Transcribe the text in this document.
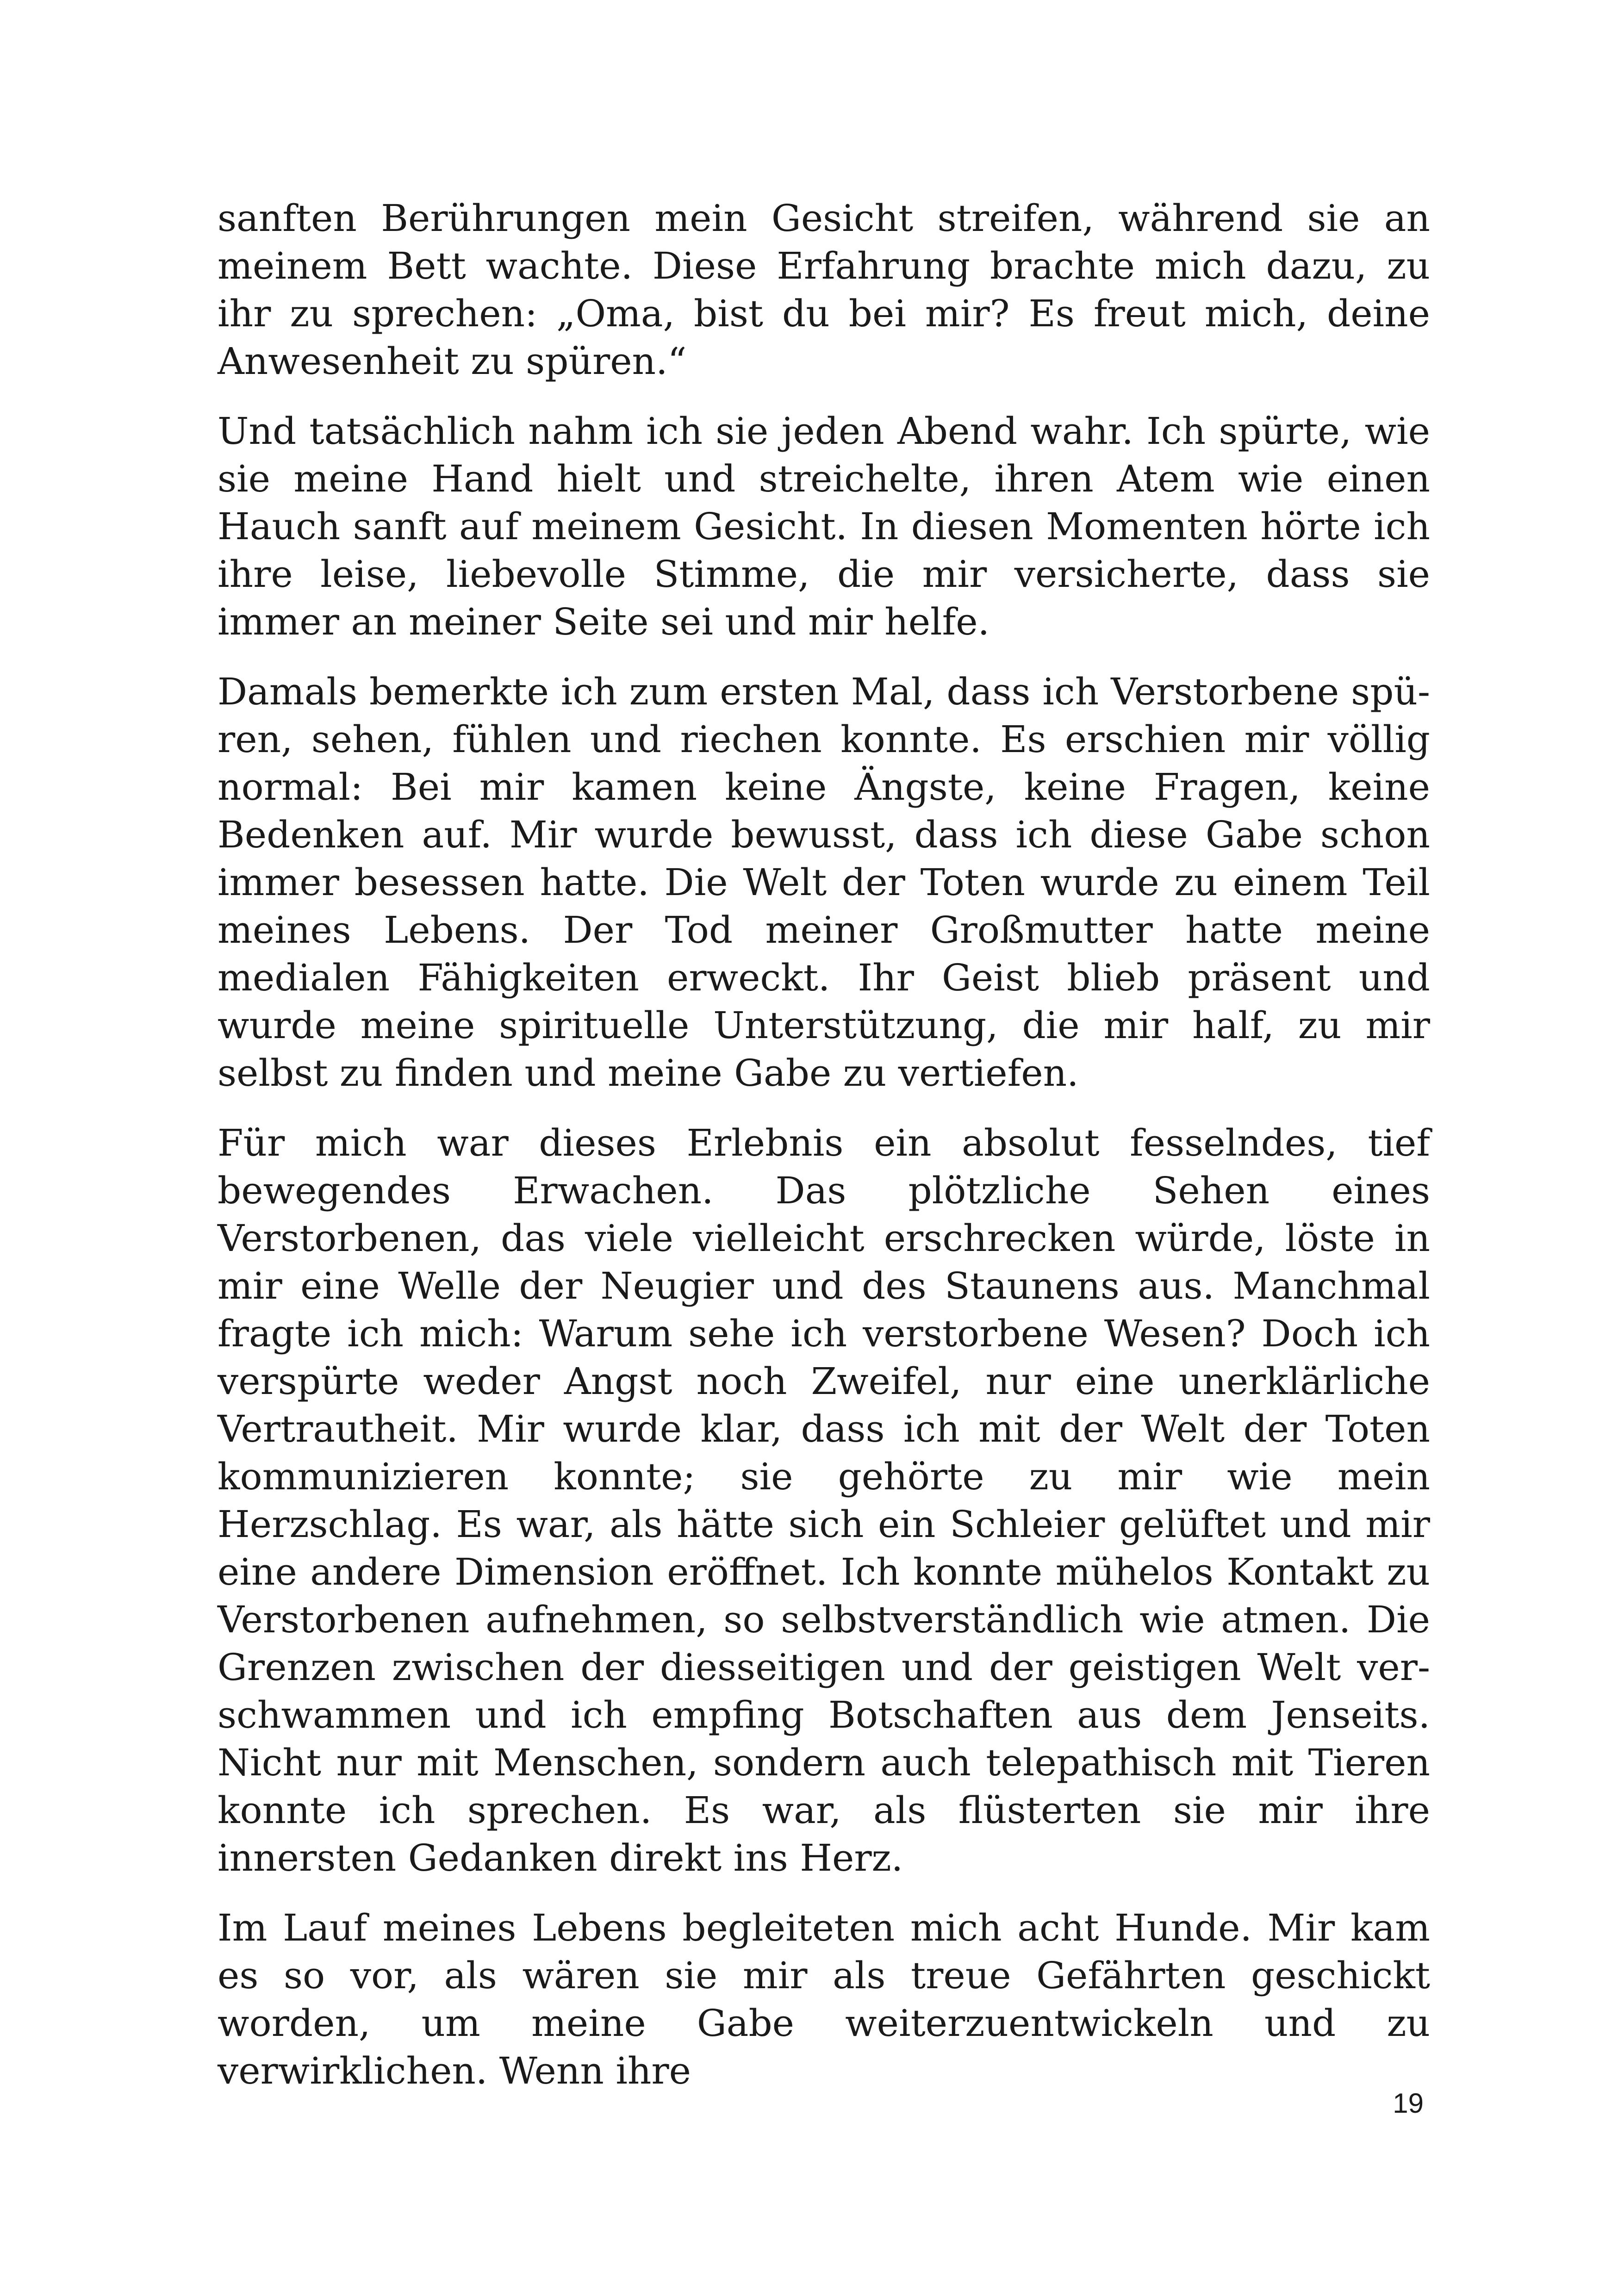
sanften Berührungen mein Gesicht streifen, während sie an meinem Bett wachte. Diese Erfahrung brachte mich dazu, zu ihr zu sprechen: „Oma, bist du bei mir? Es freut mich, deine Anwesenheit zu spüren.“

Und tatsächlich nahm ich sie jeden Abend wahr. Ich spürte, wie sie meine Hand hielt und streichelte, ihren Atem wie einen Hauch sanft auf meinem Gesicht. In diesen Momenten hörte ich ihre leise, liebevolle Stimme, die mir versicherte, dass sie immer an meiner Seite sei und mir helfe.

Damals bemerkte ich zum ersten Mal, dass ich Verstorbene spüren, sehen, fühlen und riechen konnte. Es erschien mir völlig normal: Bei mir kamen keine Ängste, keine Fragen, keine Bedenken auf. Mir wurde bewusst, dass ich diese Gabe schon immer besessen hatte. Die Welt der Toten wurde zu einem Teil meines Lebens. Der Tod meiner Großmutter hatte meine medialen Fähigkeiten erweckt. Ihr Geist blieb präsent und wurde meine spirituelle Unterstützung, die mir half, zu mir selbst zu finden und meine Gabe zu vertiefen.

Für mich war dieses Erlebnis ein absolut fesselndes, tief bewegendes Erwachen. Das plötzliche Sehen eines Verstorbenen, das viele vielleicht erschrecken würde, löste in mir eine Welle der Neugier und des Staunens aus. Manchmal fragte ich mich: Warum sehe ich verstorbene Wesen? Doch ich verspürte weder Angst noch Zweifel, nur eine unerklärliche Vertrautheit. Mir wurde klar, dass ich mit der Welt der Toten kommunizieren konnte; sie gehörte zu mir wie mein Herzschlag. Es war, als hätte sich ein Schleier gelüftet und mir eine andere Dimension eröffnet. Ich konnte mühelos Kontakt zu Verstorbenen aufnehmen, so selbstverständlich wie atmen. Die Grenzen zwischen der diesseitigen und der geistigen Welt verschwammen und ich empfing Botschaften aus dem Jenseits. Nicht nur mit Menschen, sondern auch telepathisch mit Tieren konnte ich sprechen. Es war, als flüsterten sie mir ihre innersten Gedanken direkt ins Herz.

Im Lauf meines Lebens begleiteten mich acht Hunde. Mir kam es so vor, als wären sie mir als treue Gefährten geschickt worden, um meine Gabe weiterzuentwickeln und zu verwirklichen. Wenn ihre

19
